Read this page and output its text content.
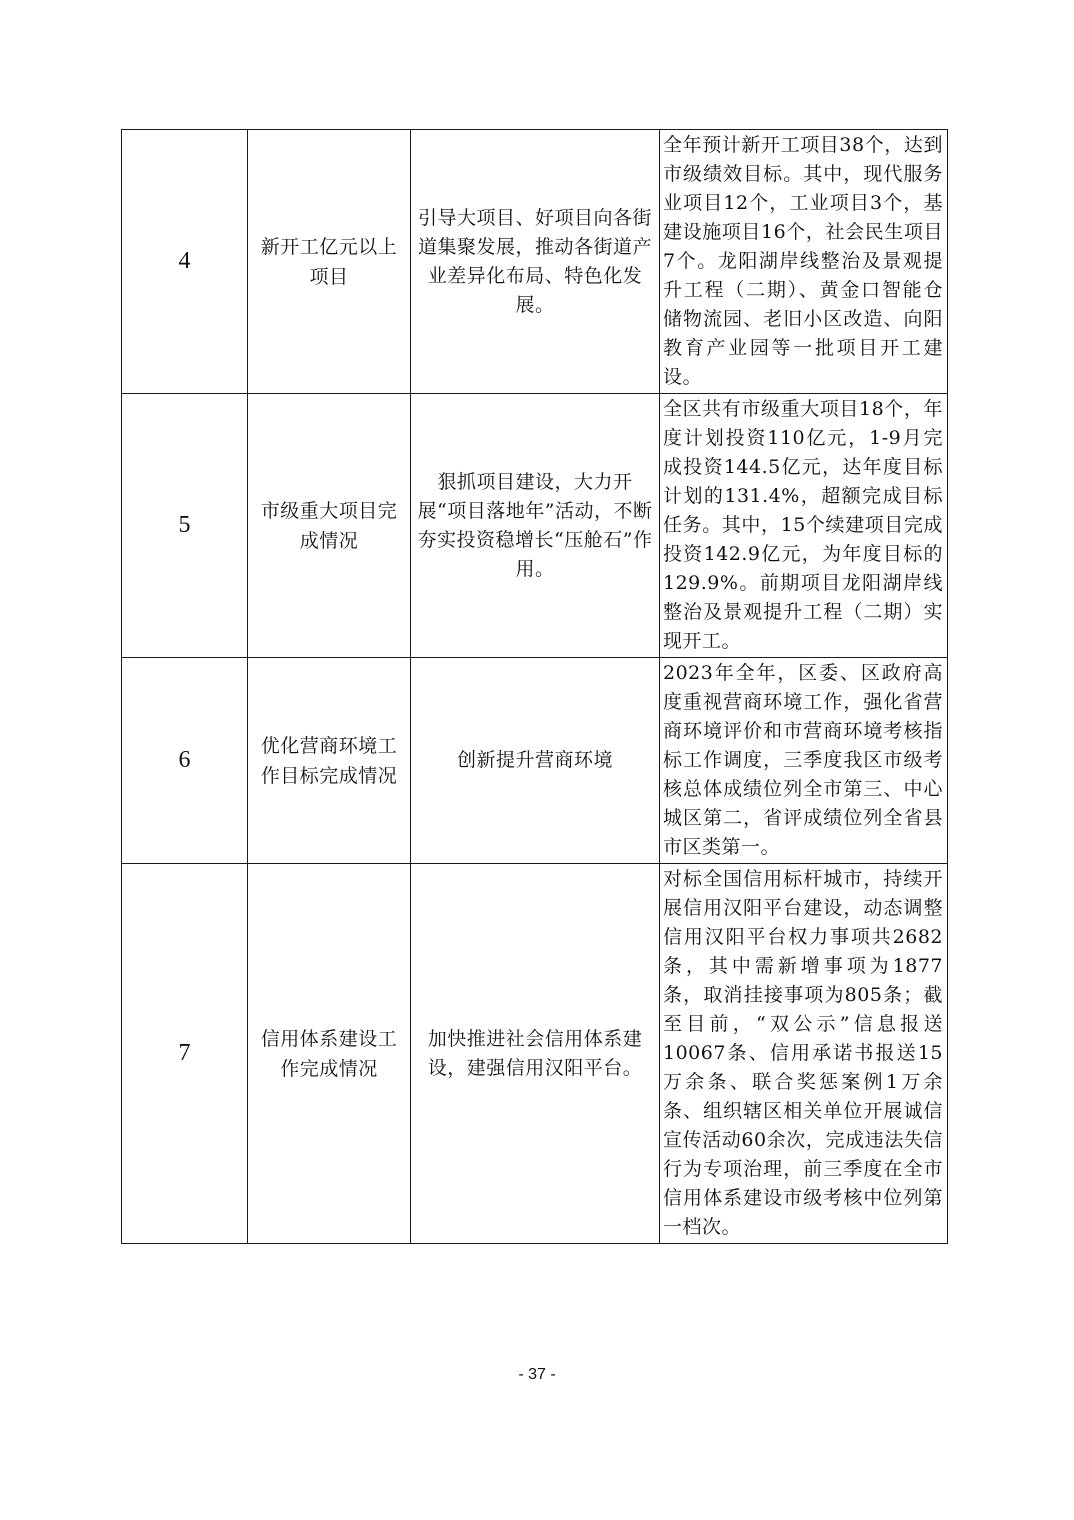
4	新开工亿元以上项目	引导大项目、好项目向各街道集聚发展，推动各街道产业差异化布局、特色化发展。	全年预计新开工项目38个，达到市级绩效目标。其中，现代服务业项目12个，工业项目3个，基建设施项目16个，社会民生项目7个。龙阳湖岸线整治及景观提升工程（二期）、黄金口智能仓储物流园、老旧小区改造、向阳教育产业园等一批项目开工建设。
5	市级重大项目完成情况	狠抓项目建设，大力开展“项目落地年”活动，不断夯实投资稳增长“压舱石”作用。	全区共有市级重大项目18个，年度计划投资110亿元，1-9月完成投资144.5亿元，达年度目标计划的131.4%，超额完成目标任务。其中，15个续建项目完成投资142.9亿元，为年度目标的129.9%。前期项目龙阳湖岸线整治及景观提升工程（二期）实现开工。
6	优化营商环境工作目标完成情况	创新提升营商环境	2023年全年，区委、区政府高度重视营商环境工作，强化省营商环境评价和市营商环境考核指标工作调度，三季度我区市级考核总体成绩位列全市第三、中心城区第二，省评成绩位列全省县市区类第一。
7	信用体系建设工作完成情况	加快推进社会信用体系建设，建强信用汉阳平台。	对标全国信用标杆城市，持续开展信用汉阳平台建设，动态调整信用汉阳平台权力事项共2682条，其中需新增事项为1877条，取消挂接事项为805条；截至目前，“双公示”信息报送10067条、信用承诺书报送15万余条、联合奖惩案例1万余条、组织辖区相关单位开展诚信宣传活动60余次，完成违法失信行为专项治理，前三季度在全市信用体系建设市级考核中位列第一档次。
- 37 -
